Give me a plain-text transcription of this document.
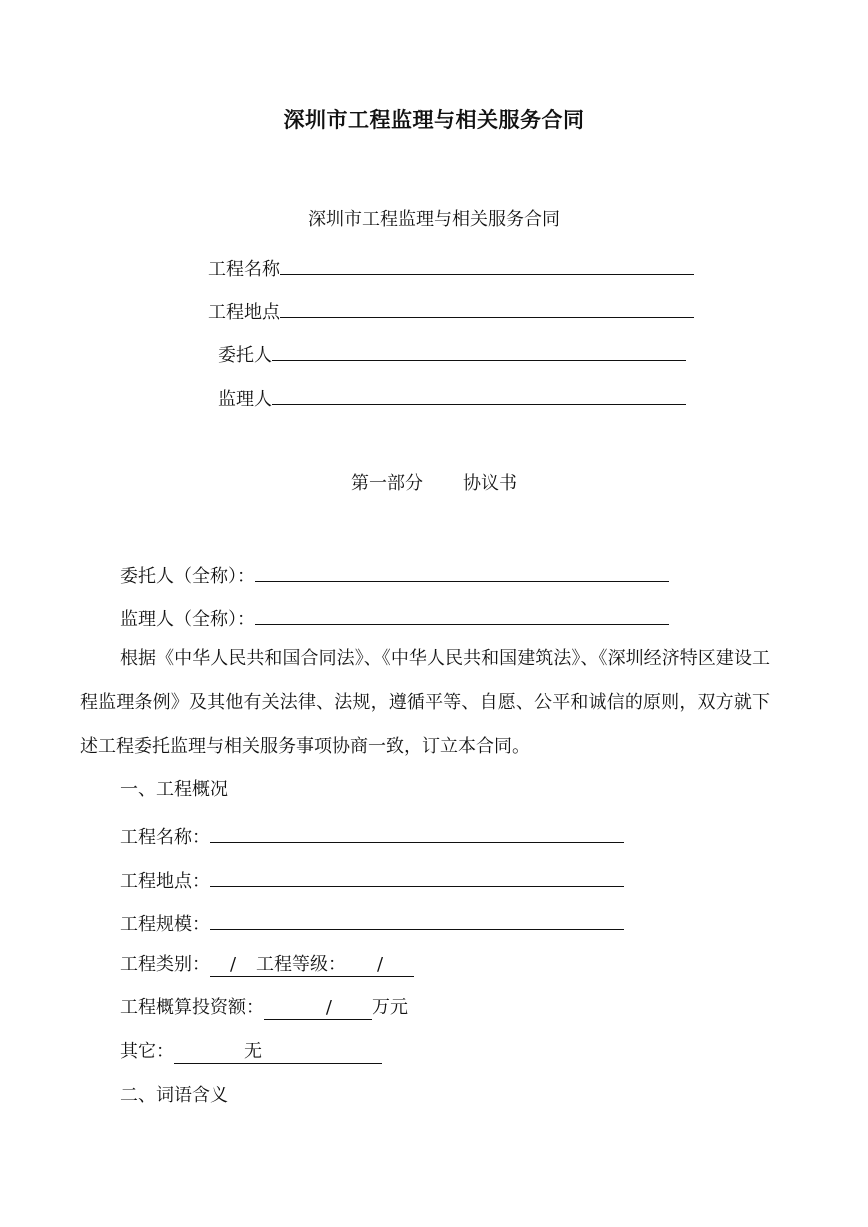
深圳市工程监理与相关服务合同
深圳市工程监理与相关服务合同
工程名称
工程地点
委托人
监理人
第一部分 协议书
委托人（全称）：
监理人（全称）：
根据《中华人民共和国合同法》、《中华人民共和国建筑法》、《深圳经济特区建设工程监理条例》及其他有关法律、法规，遵循平等、自愿、公平和诚信的原则，双方就下述工程委托监理与相关服务事项协商一致，订立本合同。
一、工程概况
工程名称：
工程地点：
工程规模：
工程类别： / 工程等级： /
工程概算投资额：	/ 万元
其它：	无
二、词语含义
